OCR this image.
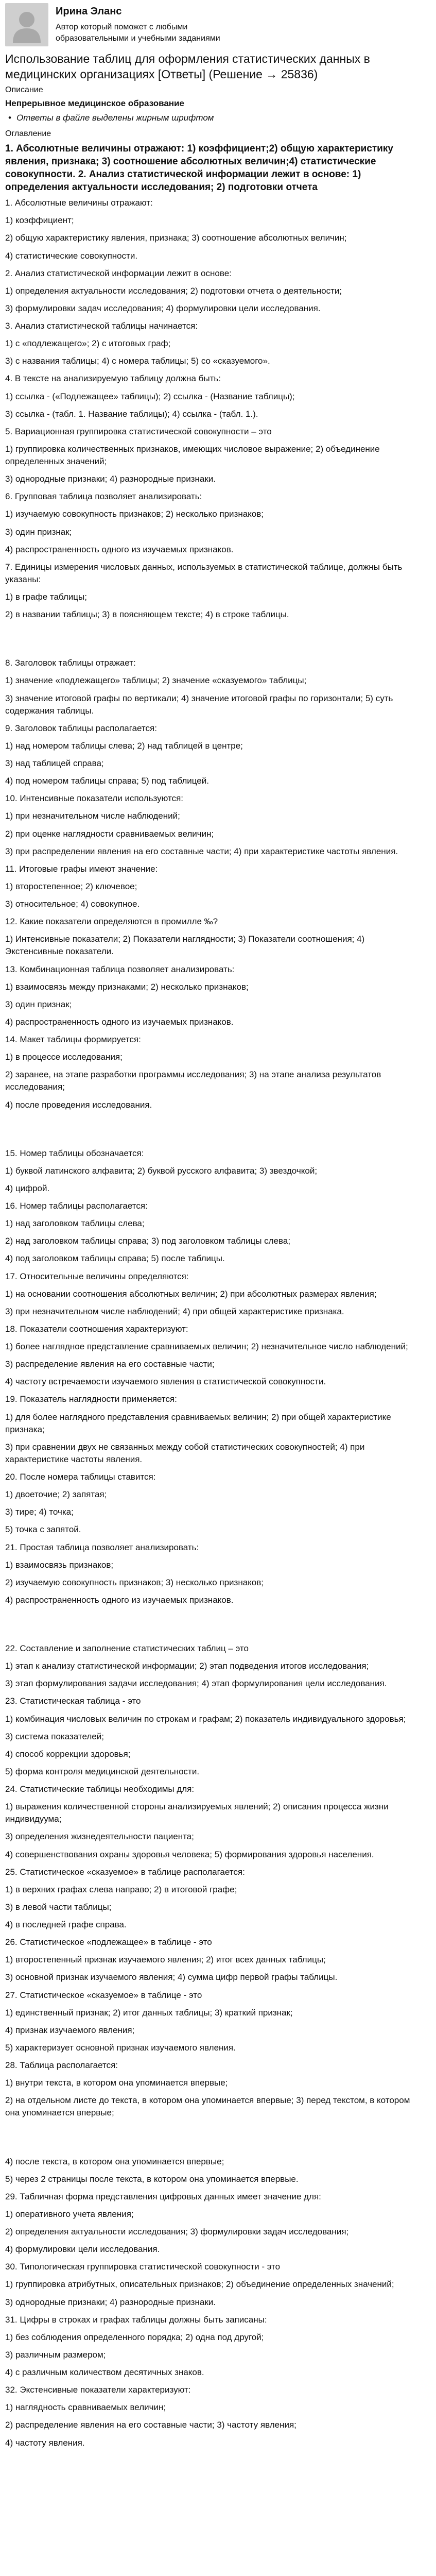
Ирина Эланс
Автор который поможет с любыми образовательными и учебными заданиями
Использование таблиц для оформления статистических данных в медицинских организациях [Ответы] (Решение → 25836)
Описание
Непрерывное медицинское образование
• Ответы в файле выделены жирным шрифтом
Оглавление
1. Абсолютные величины отражают: 1) коэффициент;2) общую характеристику явления, признака; 3) соотношение абсолютных величин;4) статистические совокупности. 2. Анализ статистической информации лежит в основе: 1) определения актуальности исследования; 2) подготовки отчета

1. Абсолютные величины отражают:

1) коэффициент;

2) общую характеристику явления, признака; 3) соотношение абсолютных величин;

4) статистические совокупности.

2. Анализ статистической информации лежит в основе:

1) определения актуальности исследования; 2) подготовки отчета о деятельности;

3) формулировки задач исследования; 4) формулировки цели исследования.

3. Анализ статистической таблицы начинается:

1) с «подлежащего»; 2) с итоговых граф;

3) с названия таблицы; 4) с номера таблицы; 5) со «сказуемого».

4. В тексте на анализируемую таблицу должна быть:

1) ссылка - («Подлежащее» таблицы); 2) ссылка - (Название таблицы);

3) ссылка - (табл. 1. Название таблицы); 4) ссылка - (табл. 1.).

5. Вариационная группировка статистической совокупности – это

1) группировка количественных признаков, имеющих числовое выражение; 2) объединение определенных значений;

3) однородные признаки; 4) разнородные признаки.

6. Групповая таблица позволяет анализировать:

1) изучаемую совокупность признаков; 2) несколько признаков;

3) один признак;

4) распространенность одного из изучаемых признаков.

7. Единицы измерения числовых данных, используемых в статистической таблице, должны быть указаны:

1) в графе таблицы;

2) в названии таблицы; 3) в поясняющем тексте; 4) в строке таблицы.

8. Заголовок таблицы отражает:

1) значение «подлежащего» таблицы; 2) значение «сказуемого» таблицы;

3) значение итоговой графы по вертикали; 4) значение итоговой графы по горизонтали; 5) суть содержания таблицы.

9. Заголовок таблицы располагается:

1) над номером таблицы слева; 2) над таблицей в центре;

3) над таблицей справа;

4) под номером таблицы справа; 5) под таблицей.

10. Интенсивные показатели используются:

1) при незначительном числе наблюдений;

2) при оценке наглядности сравниваемых величин;

3) при распределении явления на его составные части; 4) при характеристике частоты явления.

11. Итоговые графы имеют значение:

1) второстепенное; 2) ключевое;

3) относительное; 4) совокупное.

12. Какие показатели определяются в промилле ‰?

1) Интенсивные показатели; 2) Показатели наглядности; 3) Показатели соотношения; 4) Экстенсивные показатели.

13. Комбинационная таблица позволяет анализировать:

1) взаимосвязь между признаками; 2) несколько признаков;

3) один признак;

4) распространенность одного из изучаемых признаков.

14. Макет таблицы формируется:

1) в процессе исследования;

2) заранее, на этапе разработки программы исследования; 3) на этапе анализа результатов исследования;

4) после проведения исследования.

15. Номер таблицы обозначается:

1) буквой латинского алфавита; 2) буквой русского алфавита; 3) звездочкой;

4) цифрой.

16. Номер таблицы располагается:

1) над заголовком таблицы слева;

2) над заголовком таблицы справа; 3) под заголовком таблицы слева;

4) под заголовком таблицы справа; 5) после таблицы.

17. Относительные величины определяются:

1) на основании соотношения абсолютных величин; 2) при абсолютных размерах явления;

3) при незначительном числе наблюдений; 4) при общей характеристике признака.

18. Показатели соотношения характеризуют:

1) более наглядное представление сравниваемых величин; 2) незначительное число наблюдений;

3) распределение явления на его составные части;

4) частоту встречаемости изучаемого явления в статистической совокупности.

19. Показатель наглядности применяется:

1) для более наглядного представления сравниваемых величин; 2) при общей характеристике признака;

3) при сравнении двух не связанных между собой статистических совокупностей; 4) при характеристике частоты явления.

20. После номера таблицы ставится:

1) двоеточие; 2) запятая;

3) тире; 4) точка;

5) точка с запятой.

21. Простая таблица позволяет анализировать:

1) взаимосвязь признаков;

2) изучаемую совокупность признаков; 3) несколько признаков;

4) распространенность одного из изучаемых признаков.

22. Составление и заполнение статистических таблиц – это

1) этап к анализу статистической информации; 2) этап подведения итогов исследования;

3) этап формулирования задачи исследования; 4) этап формулирования цели исследования.

23. Статистическая таблица - это

1) комбинация числовых величин по строкам и графам; 2) показатель индивидуального здоровья;

3) система показателей;

4) способ коррекции здоровья;

5) форма контроля медицинской деятельности.

24. Статистические таблицы необходимы для:

1) выражения количественной стороны анализируемых явлений; 2) описания процесса жизни индивидуума;

3) определения жизнедеятельности пациента;

4) совершенствования охраны здоровья человека; 5) формирования здоровья населения.

25. Статистическое «сказуемое» в таблице располагается:

1) в верхних графах слева направо; 2) в итоговой графе;

3) в левой части таблицы;

4) в последней графе справа.

26. Статистическое «подлежащее» в таблице - это

1) второстепенный признак изучаемого явления; 2) итог всех данных таблицы;

3) основной признак изучаемого явления; 4) сумма цифр первой графы таблицы.

27. Статистическое «сказуемое» в таблице - это

1) единственный признак; 2) итог данных таблицы; 3) краткий признак;

4) признак изучаемого явления;

5) характеризует основной признак изучаемого явления.

28. Таблица располагается:

1) внутри текста, в котором она упоминается впервые;

2) на отдельном листе до текста, в котором она упоминается впервые; 3) перед текстом, в котором она упоминается впервые;

4) после текста, в котором она упоминается впервые;

5) через 2 страницы после текста, в котором она упоминается впервые.

29. Табличная форма представления цифровых данных имеет значение для:

1) оперативного учета явления;

2) определения актуальности исследования; 3) формулировки задач исследования;

4) формулировки цели исследования.

30. Типологическая группировка статистической совокупности - это

1) группировка атрибутных, описательных признаков; 2) объединение определенных значений;

3) однородные признаки; 4) разнородные признаки.

31. Цифры в строках и графах таблицы должны быть записаны:

1) без соблюдения определенного порядка; 2) одна под другой;

3) различным размером;

4) с различным количеством десятичных знаков.

32. Экстенсивные показатели характеризуют:

1) наглядность сравниваемых величин;

2) распределение явления на его составные части; 3) частоту явления;

4) частоту явления.
